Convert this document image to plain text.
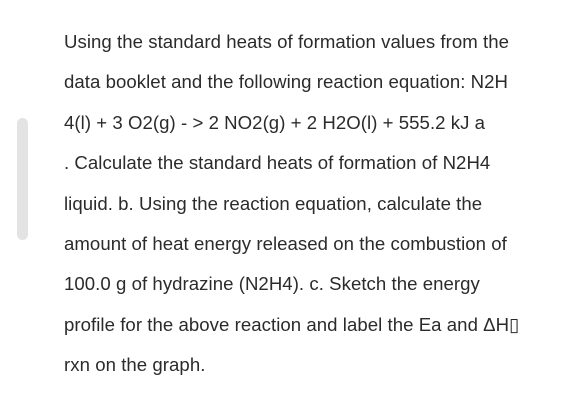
Using the standard heats of formation values from the
data booklet and the following reaction equation: N2H
4(l) + 3 O2(g) - > 2 NO2(g) + 2 H2O(l) + 555.2 kJ a
. Calculate the standard heats of formation of N2H4
liquid. b. Using the reaction equation, calculate the
amount of heat energy released on the combustion of
100.0 g of hydrazine (N2H4). c. Sketch the energy
profile for the above reaction and label the Ea and ΔH▯
rxn on the graph.
